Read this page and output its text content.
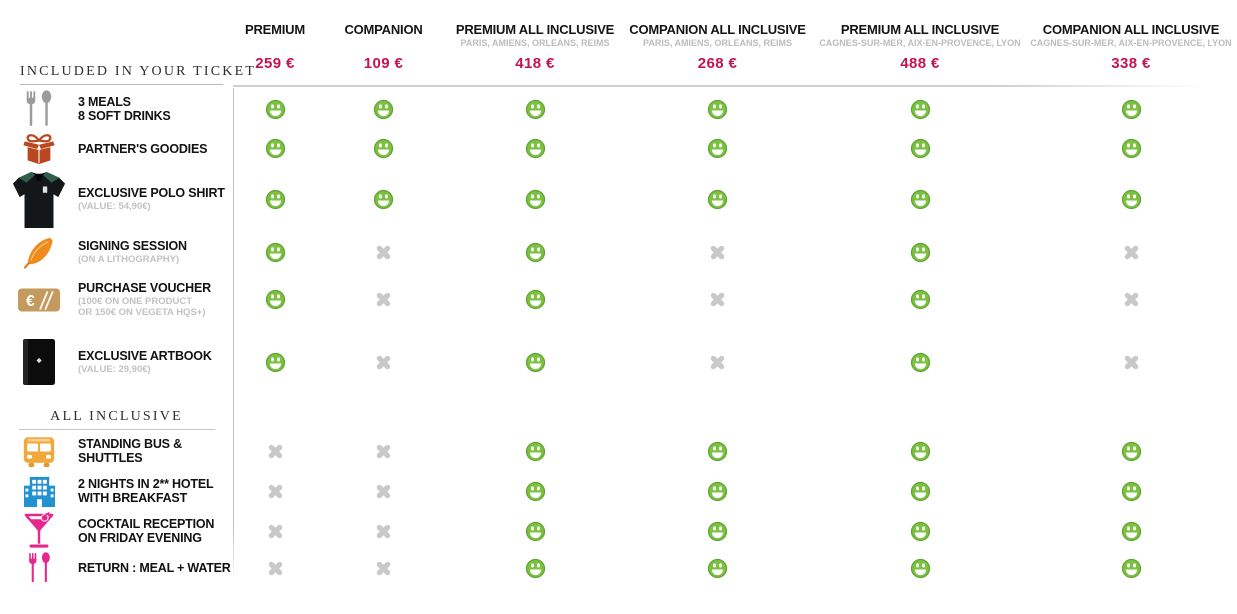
INCLUDED IN YOUR TICKET
PREMIUM
259 €
COMPANION
109 €
PREMIUM ALL INCLUSIVE
PARIS, AMIENS, ORLEANS, REIMS
418 €
COMPANION ALL INCLUSIVE
PARIS, AMIENS, ORLEANS, REIMS
268 €
PREMIUM ALL INCLUSIVE
CAGNES-SUR-MER, AIX-EN-PROVENCE, LYON
488 €
COMPANION ALL INCLUSIVE
CAGNES-SUR-MER, AIX-EN-PROVENCE, LYON
338 €
3 MEALS
8 SOFT DRINKS
PARTNER'S GOODIES
EXCLUSIVE POLO SHIRT
(VALUE: 54,90€)
SIGNING SESSION
(ON A LITHOGRAPHY)
€
PURCHASE VOUCHER
(100€ ON ONE PRODUCT
OR 150€ ON VEGETA HQS+)
EXCLUSIVE ARTBOOK
(VALUE: 29,90€)
ALL INCLUSIVE
STANDING BUS &
SHUTTLES
2 NIGHTS IN 2** HOTEL
WITH BREAKFAST
COCKTAIL RECEPTION
ON FRIDAY EVENING
RETURN : MEAL + WATER
